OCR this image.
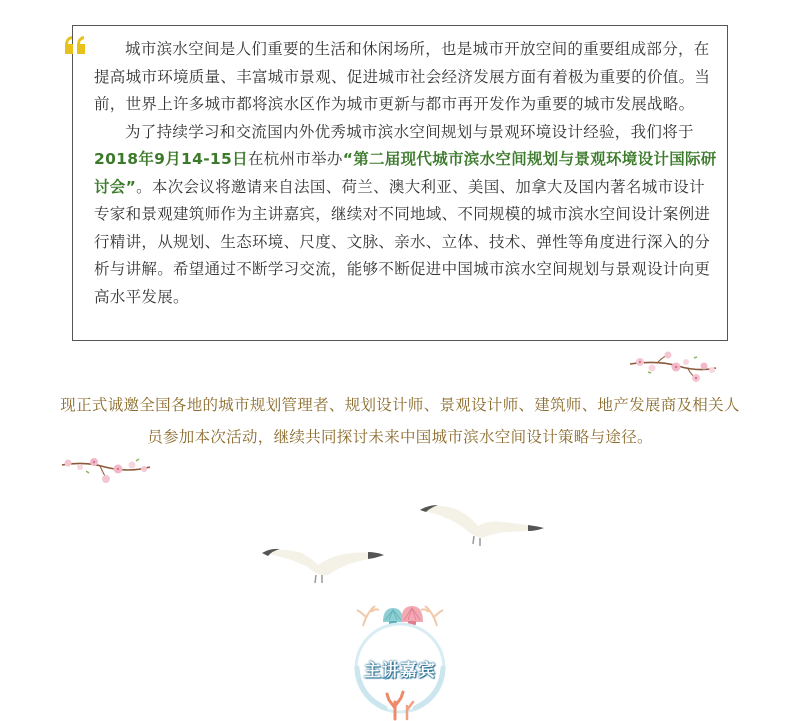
城市滨水空间是人们重要的生活和休闲场所，也是城市开放空间的重要组成部分，在提高城市环境质量、丰富城市景观、促进城市社会经济发展方面有着极为重要的价值。当前，世界上许多城市都将滨水区作为城市更新与都市再开发作为重要的城市发展战略。

为了持续学习和交流国内外优秀城市滨水空间规划与景观环境设计经验，我们将于2018年9月14-15日在杭州市举办“第二届现代城市滨水空间规划与景观环境设计国际研讨会”。本次会议将邀请来自法国、荷兰、澳大利亚、美国、加拿大及国内著名城市设计专家和景观建筑师作为主讲嘉宾，继续对不同地域、不同规模的城市滨水空间设计案例进行精讲，从规划、生态环境、尺度、文脉、亲水、立体、技术、弹性等角度进行深入的分析与讲解。希望通过不断学习交流，能够不断促进中国城市滨水空间规划与景观设计向更高水平发展。

现正式诚邀全国各地的城市规划管理者、规划设计师、景观设计师、建筑师、地产发展商及相关人员参加本次活动，继续共同探讨未来中国城市滨水空间设计策略与途径。
主讲嘉宾
